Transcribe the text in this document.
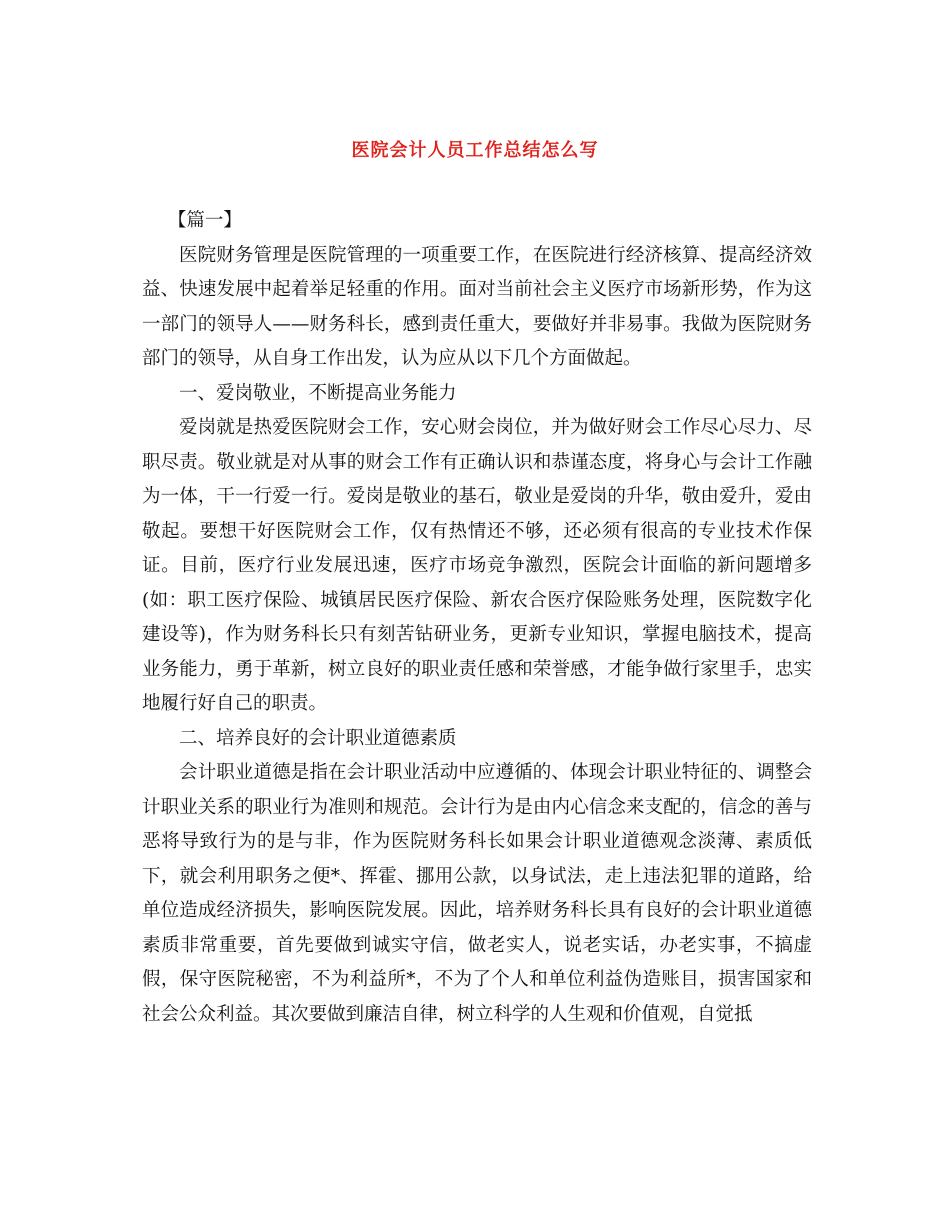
医院会计人员工作总结怎么写

【篇一】

医院财务管理是医院管理的一项重要工作，在医院进行经济核算、提高经济效益、快速发展中起着举足轻重的作用。面对当前社会主义医疗市场新形势，作为这一部门的领导人——财务科长，感到责任重大，要做好并非易事。我做为医院财务部门的领导，从自身工作出发，认为应从以下几个方面做起。

一、爱岗敬业，不断提高业务能力

爱岗就是热爱医院财会工作，安心财会岗位，并为做好财会工作尽心尽力、尽职尽责。敬业就是对从事的财会工作有正确认识和恭谨态度，将身心与会计工作融为一体，干一行爱一行。爱岗是敬业的基石，敬业是爱岗的升华，敬由爱升，爱由敬起。要想干好医院财会工作，仅有热情还不够，还必须有很高的专业技术作保证。目前，医疗行业发展迅速，医疗市场竞争激烈，医院会计面临的新问题增多(如：职工医疗保险、城镇居民医疗保险、新农合医疗保险账务处理，医院数字化建设等)，作为财务科长只有刻苦钻研业务，更新专业知识，掌握电脑技术，提高业务能力，勇于革新，树立良好的职业责任感和荣誉感，才能争做行家里手，忠实地履行好自己的职责。

二、培养良好的会计职业道德素质

会计职业道德是指在会计职业活动中应遵循的、体现会计职业特征的、调整会计职业关系的职业行为准则和规范。会计行为是由内心信念来支配的，信念的善与恶将导致行为的是与非，作为医院财务科长如果会计职业道德观念淡薄、素质低下，就会利用职务之便*、挥霍、挪用公款，以身试法，走上违法犯罪的道路，给单位造成经济损失，影响医院发展。因此，培养财务科长具有良好的会计职业道德素质非常重要，首先要做到诚实守信，做老实人，说老实话，办老实事，不搞虚假，保守医院秘密，不为利益所*，不为了个人和单位利益伪造账目，损害国家和社会公众利益。其次要做到廉洁自律，树立科学的人生观和价值观，自觉抵
